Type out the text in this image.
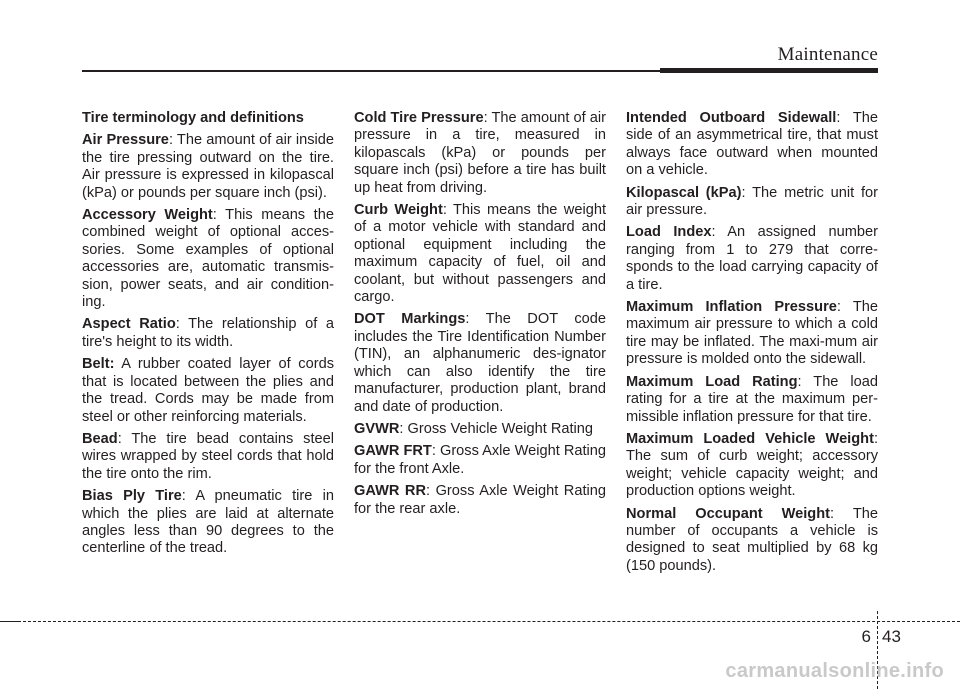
Maintenance

Tire terminology and definitions

Air Pressure: The amount of air inside the tire pressing outward on the tire. Air pressure is expressed in kilopascal (kPa) or pounds per square inch (psi).

Accessory Weight: This means the combined weight of optional acces-sories. Some examples of optional accessories are, automatic transmis-sion, power seats, and air condition-ing.

Aspect Ratio: The relationship of a tire's height to its width.

Belt: A rubber coated layer of cords that is located between the plies and the tread. Cords may be made from steel or other reinforcing materials.

Bead: The tire bead contains steel wires wrapped by steel cords that hold the tire onto the rim.

Bias Ply Tire: A pneumatic tire in which the plies are laid at alternate angles less than 90 degrees to the centerline of the tread.

Cold Tire Pressure: The amount of air pressure in a tire, measured in kilopascals (kPa) or pounds per square inch (psi) before a tire has built up heat from driving.

Curb Weight: This means the weight of a motor vehicle with standard and optional equipment including the maximum capacity of fuel, oil and coolant, but without passengers and cargo.

DOT Markings: The DOT code includes the Tire Identification Number (TIN), an alphanumeric des-ignator which can also identify the tire manufacturer, production plant, brand and date of production.

GVWR: Gross Vehicle Weight Rating

GAWR FRT: Gross Axle Weight Rating for the front Axle.

GAWR RR: Gross Axle Weight Rating for the rear axle.

Intended Outboard Sidewall: The side of an asymmetrical tire, that must always face outward when mounted on a vehicle.

Kilopascal (kPa): The metric unit for air pressure.

Load Index: An assigned number ranging from 1 to 279 that corre-sponds to the load carrying capacity of a tire.

Maximum Inflation Pressure: The maximum air pressure to which a cold tire may be inflated. The maxi-mum air pressure is molded onto the sidewall.

Maximum Load Rating: The load rating for a tire at the maximum per-missible inflation pressure for that tire.

Maximum Loaded Vehicle Weight: The sum of curb weight; accessory weight; vehicle capacity weight; and production options weight.

Normal Occupant Weight: The number of occupants a vehicle is designed to seat multiplied by 68 kg (150 pounds).

6 43
carmanualsonline.info
